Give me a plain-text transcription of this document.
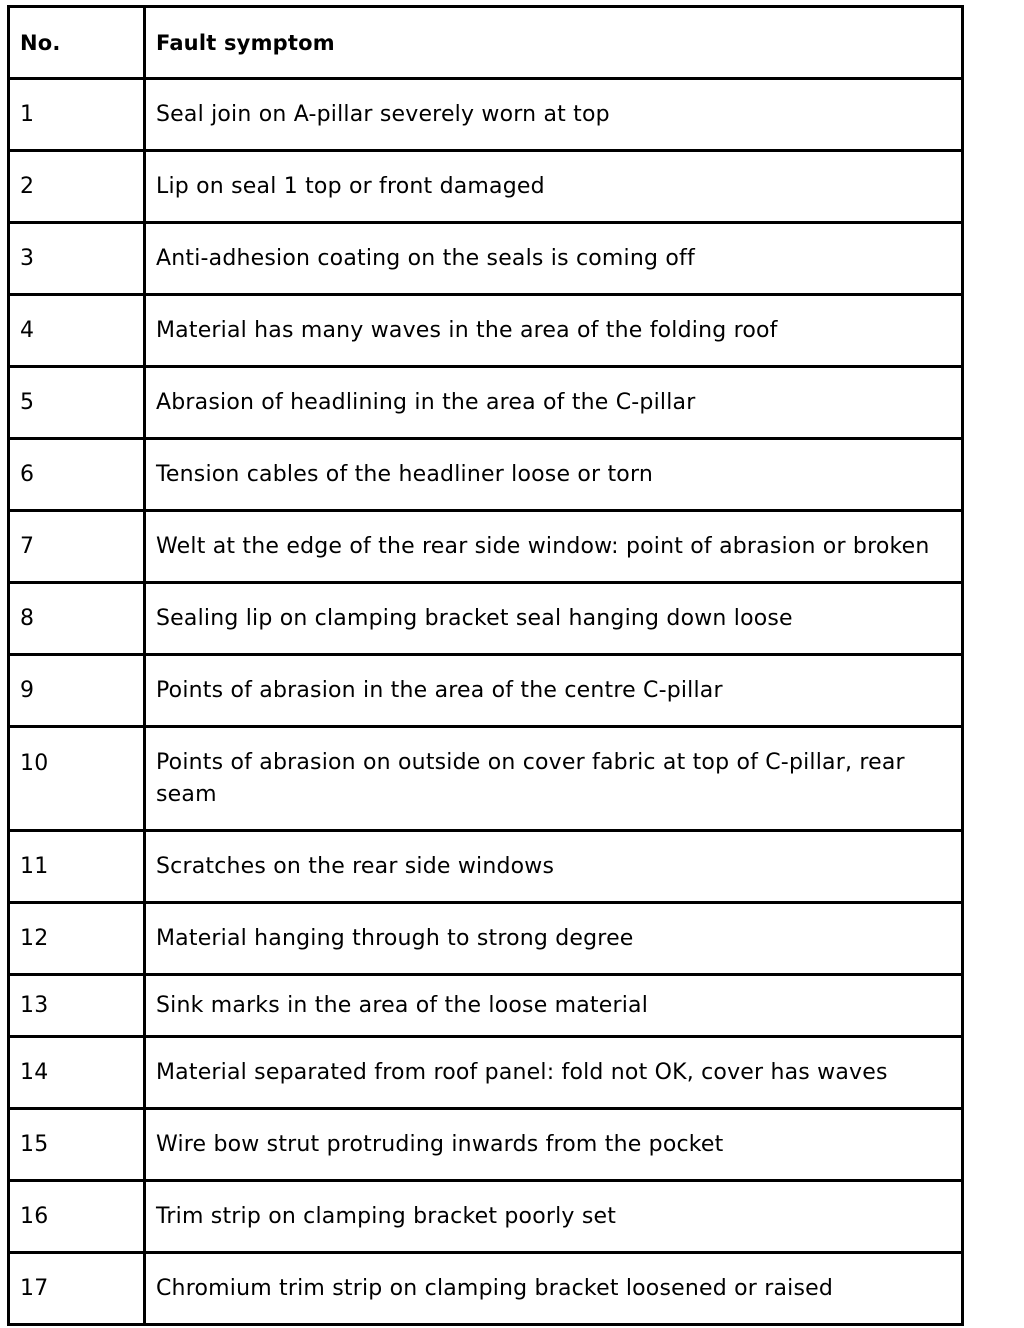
No.	Fault symptom
1	Seal join on A-pillar severely worn at top
2	Lip on seal 1 top or front damaged
3	Anti-adhesion coating on the seals is coming off
4	Material has many waves in the area of the folding roof
5	Abrasion of headlining in the area of the C-pillar
6	Tension cables of the headliner loose or torn
7	Welt at the edge of the rear side window: point of abrasion or broken
8	Sealing lip on clamping bracket seal hanging down loose
9	Points of abrasion in the area of the centre C-pillar
10	Points of abrasion on outside on cover fabric at top of C-pillar, rear seam
11	Scratches on the rear side windows
12	Material hanging through to strong degree
13	Sink marks in the area of the loose material
14	Material separated from roof panel: fold not OK, cover has waves
15	Wire bow strut protruding inwards from the pocket
16	Trim strip on clamping bracket poorly set
17	Chromium trim strip on clamping bracket loosened or raised
